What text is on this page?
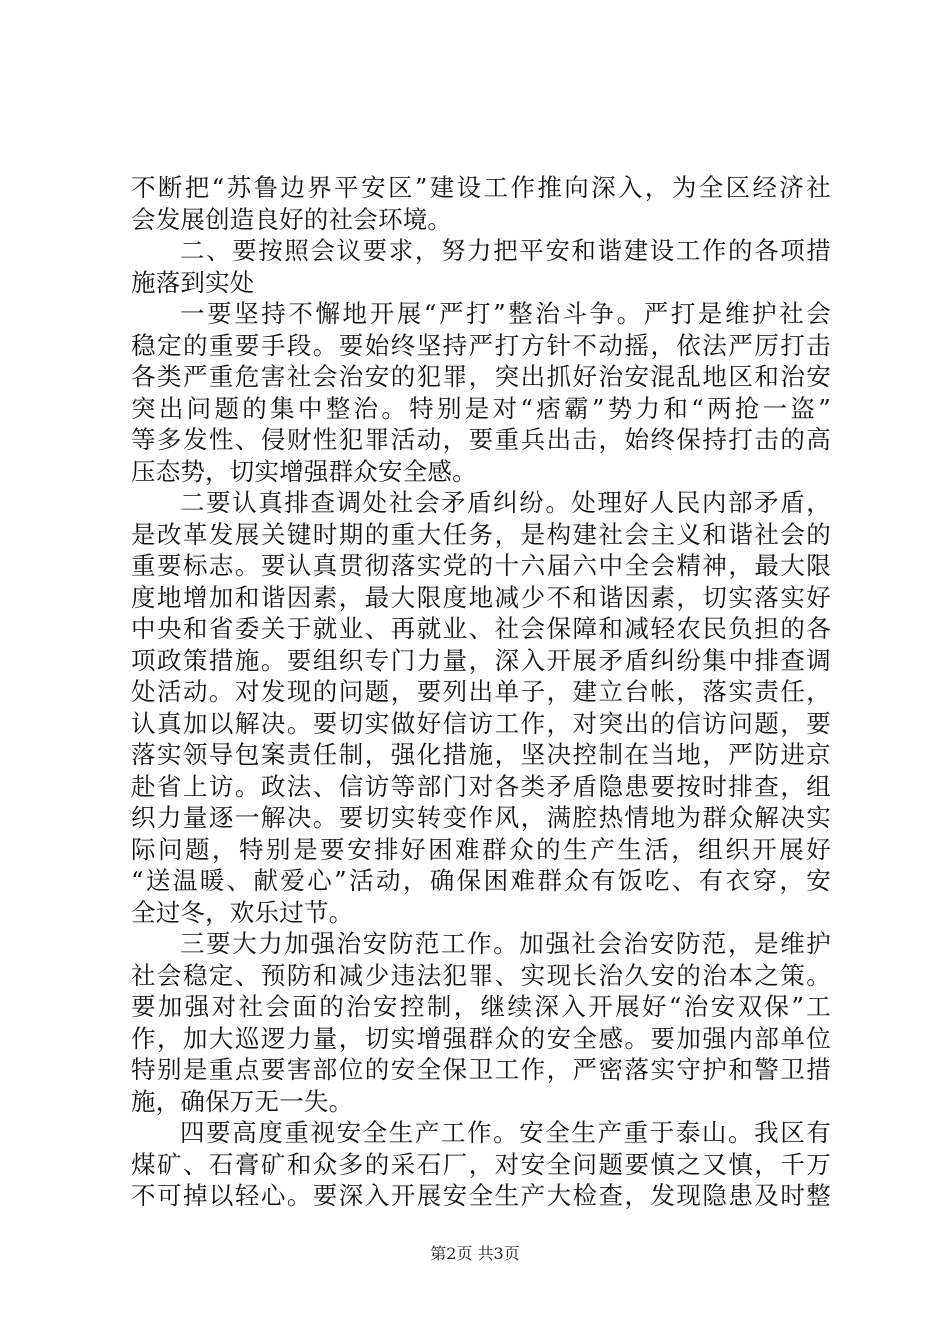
不断把“苏鲁边界平安区”建设工作推向深入，为全区经济社
会发展创造良好的社会环境。
二、要按照会议要求，努力把平安和谐建设工作的各项措
施落到实处
一要坚持不懈地开展“严打”整治斗争。严打是维护社会
稳定的重要手段。要始终坚持严打方针不动摇，依法严厉打击
各类严重危害社会治安的犯罪，突出抓好治安混乱地区和治安
突出问题的集中整治。特别是对“痞霸”势力和“两抢一盗”
等多发性、侵财性犯罪活动，要重兵出击，始终保持打击的高
压态势，切实增强群众安全感。
二要认真排查调处社会矛盾纠纷。处理好人民内部矛盾，
是改革发展关键时期的重大任务，是构建社会主义和谐社会的
重要标志。要认真贯彻落实党的十六届六中全会精神，最大限
度地增加和谐因素，最大限度地减少不和谐因素，切实落实好
中央和省委关于就业、再就业、社会保障和减轻农民负担的各
项政策措施。要组织专门力量，深入开展矛盾纠纷集中排查调
处活动。对发现的问题，要列出单子，建立台帐，落实责任，
认真加以解决。要切实做好信访工作，对突出的信访问题，要
落实领导包案责任制，强化措施，坚决控制在当地，严防进京
赴省上访。政法、信访等部门对各类矛盾隐患要按时排查，组
织力量逐一解决。要切实转变作风，满腔热情地为群众解决实
际问题，特别是要安排好困难群众的生产生活，组织开展好
“送温暖、献爱心”活动，确保困难群众有饭吃、有衣穿，安
全过冬，欢乐过节。
三要大力加强治安防范工作。加强社会治安防范，是维护
社会稳定、预防和减少违法犯罪、实现长治久安的治本之策。
要加强对社会面的治安控制，继续深入开展好“治安双保”工
作，加大巡逻力量，切实增强群众的安全感。要加强内部单位
特别是重点要害部位的安全保卫工作，严密落实守护和警卫措
施，确保万无一失。
四要高度重视安全生产工作。安全生产重于泰山。我区有
煤矿、石膏矿和众多的采石厂，对安全问题要慎之又慎，千万
不可掉以轻心。要深入开展安全生产大检查，发现隐患及时整
第2页 共3页
